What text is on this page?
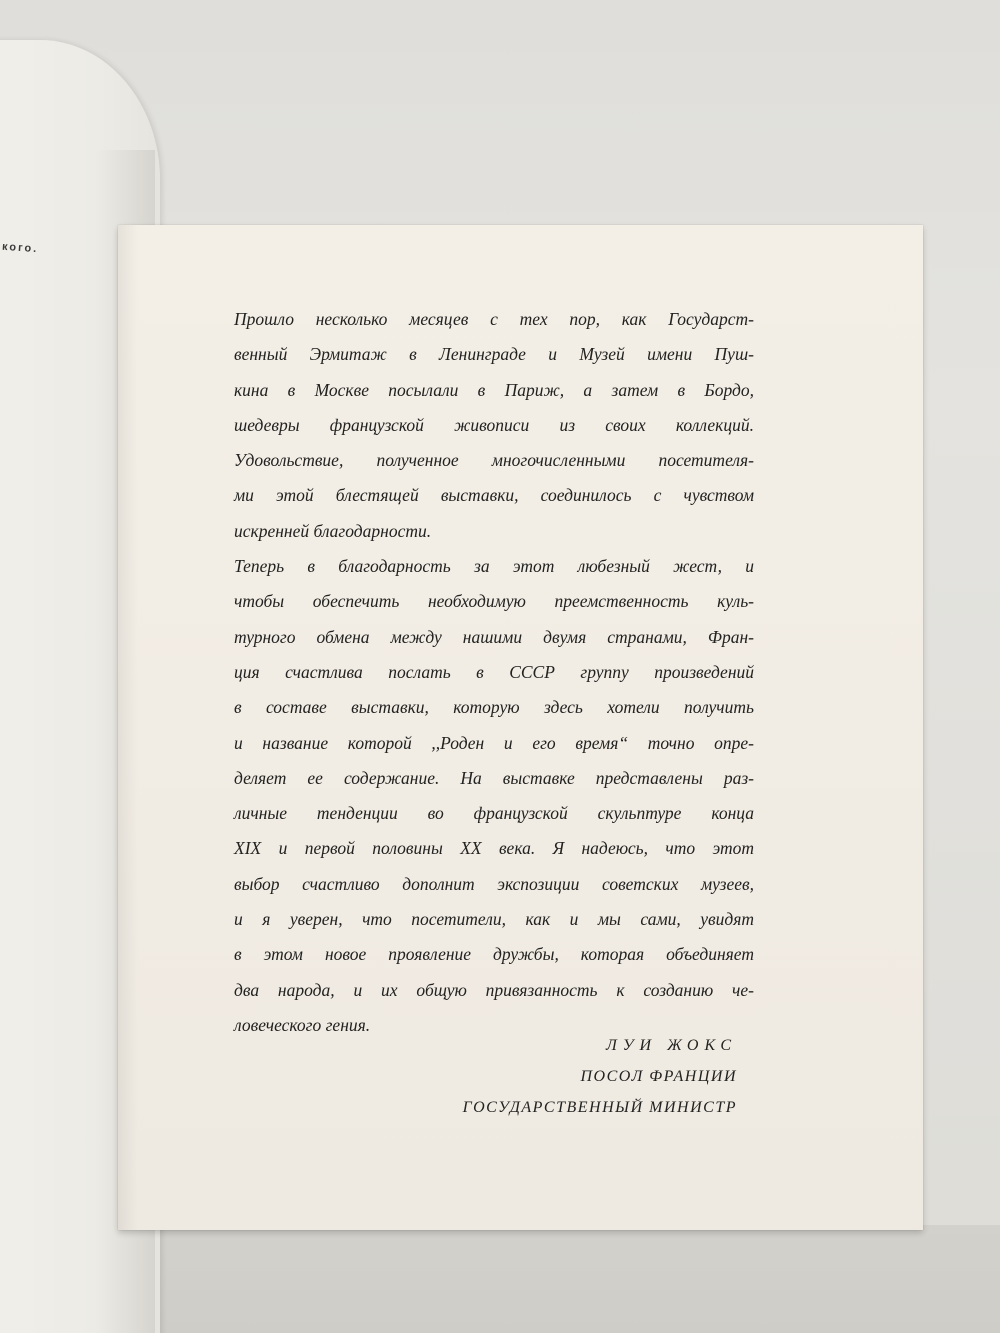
кого.
Прошло несколько месяцев с тех пор, как Государст-
венный Эрмитаж в Ленинграде и Музей имени Пуш-
кина в Москве посылали в Париж, а затем в Бордо,
шедевры французской живописи из своих коллекций.
Удовольствие, полученное многочисленными посетителя-
ми этой блестящей выставки, соединилось с чувством
искренней благодарности.
Теперь в благодарность за этот любезный жест, и
чтобы обеспечить необходимую преемственность куль-
турного обмена между нашими двумя странами, Фран-
ция счастлива послать в СССР группу произведений
в составе выставки, которую здесь хотели получить
и название которой ,,Роден и его время“ точно опре-
деляет ее содержание. На выставке представлены раз-
личные тенденции во французской скульптуре конца
XIX и первой половины XX века. Я надеюсь, что этот
выбор счастливо дополнит экспозиции советских музеев,
и я уверен, что посетители, как и мы сами, увидят
в этом новое проявление дружбы, которая объединяет
два народа, и их общую привязанность к созданию че-
ловеческого гения.
ЛУИ ЖОКС
ПОСОЛ ФРАНЦИИ
ГОСУДАРСТВЕННЫЙ МИНИСТР
